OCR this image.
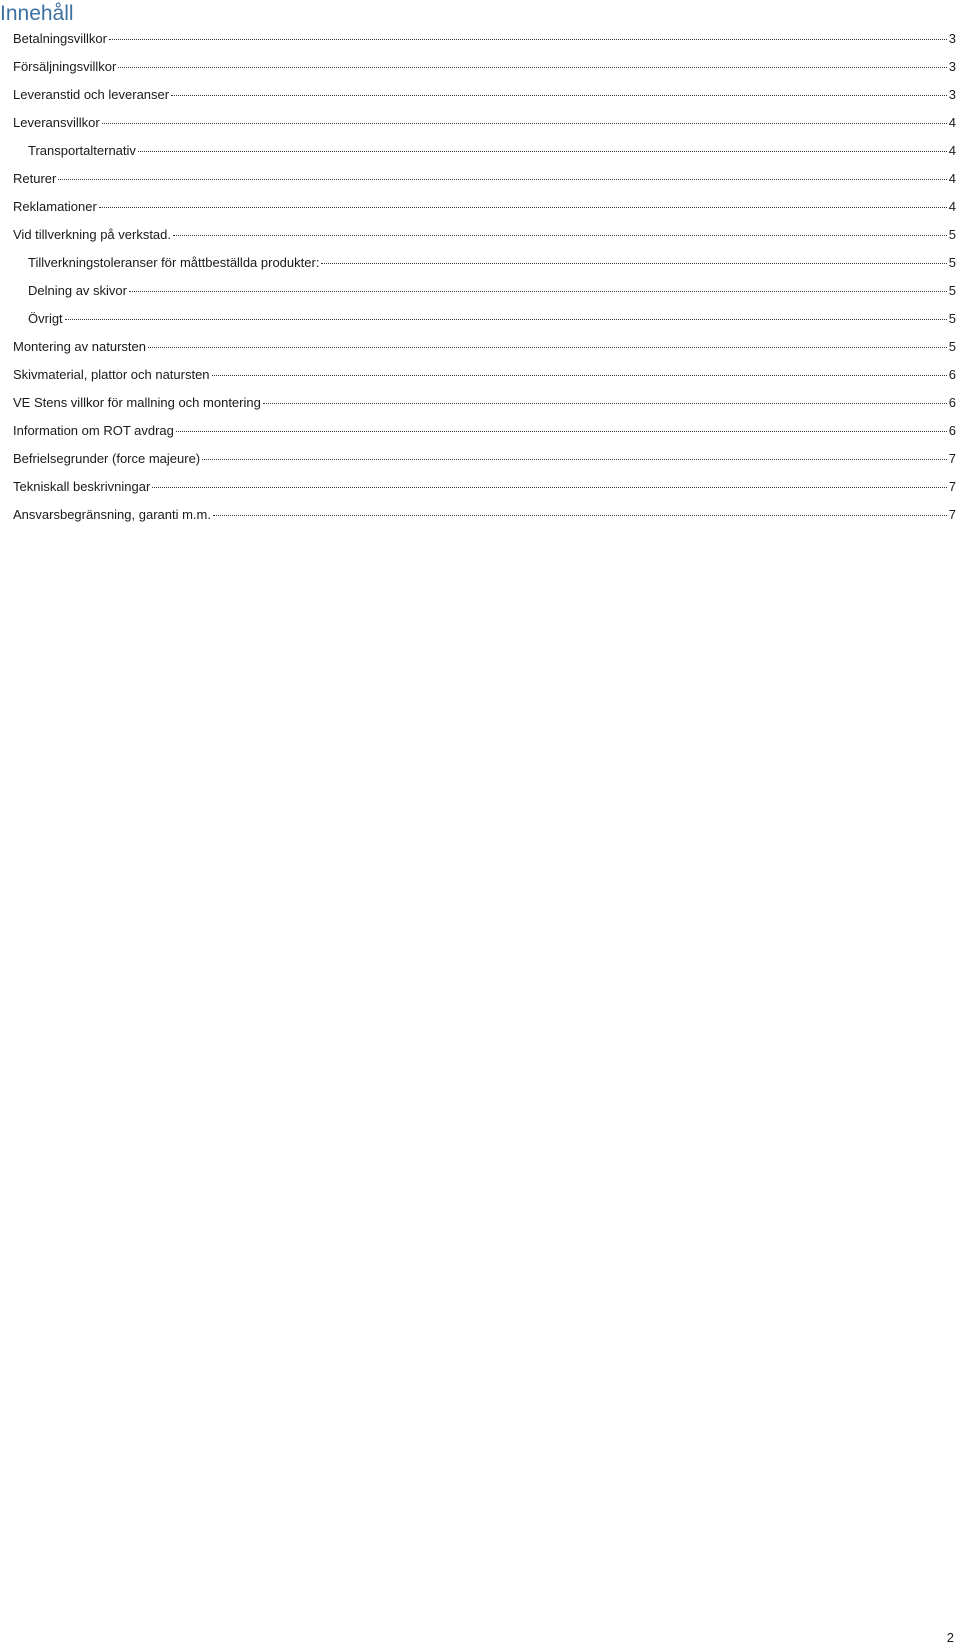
Innehåll
Betalningsvillkor	3
Försäljningsvillkor	3
Leveranstid och leveranser	3
Leveransvillkor	4
Transportalternativ	4
Returer	4
Reklamationer	4
Vid tillverkning på verkstad.	5
Tillverkningstoleranser för måttbeställda produkter:	5
Delning av skivor	5
Övrigt	5
Montering av natursten	5
Skivmaterial, plattor och natursten	6
VE Stens villkor för mallning och montering	6
Information om ROT avdrag	6
Befrielsegrunder (force majeure)	7
Tekniskall beskrivningar	7
Ansvarsbegränsning, garanti m.m.	7
2
